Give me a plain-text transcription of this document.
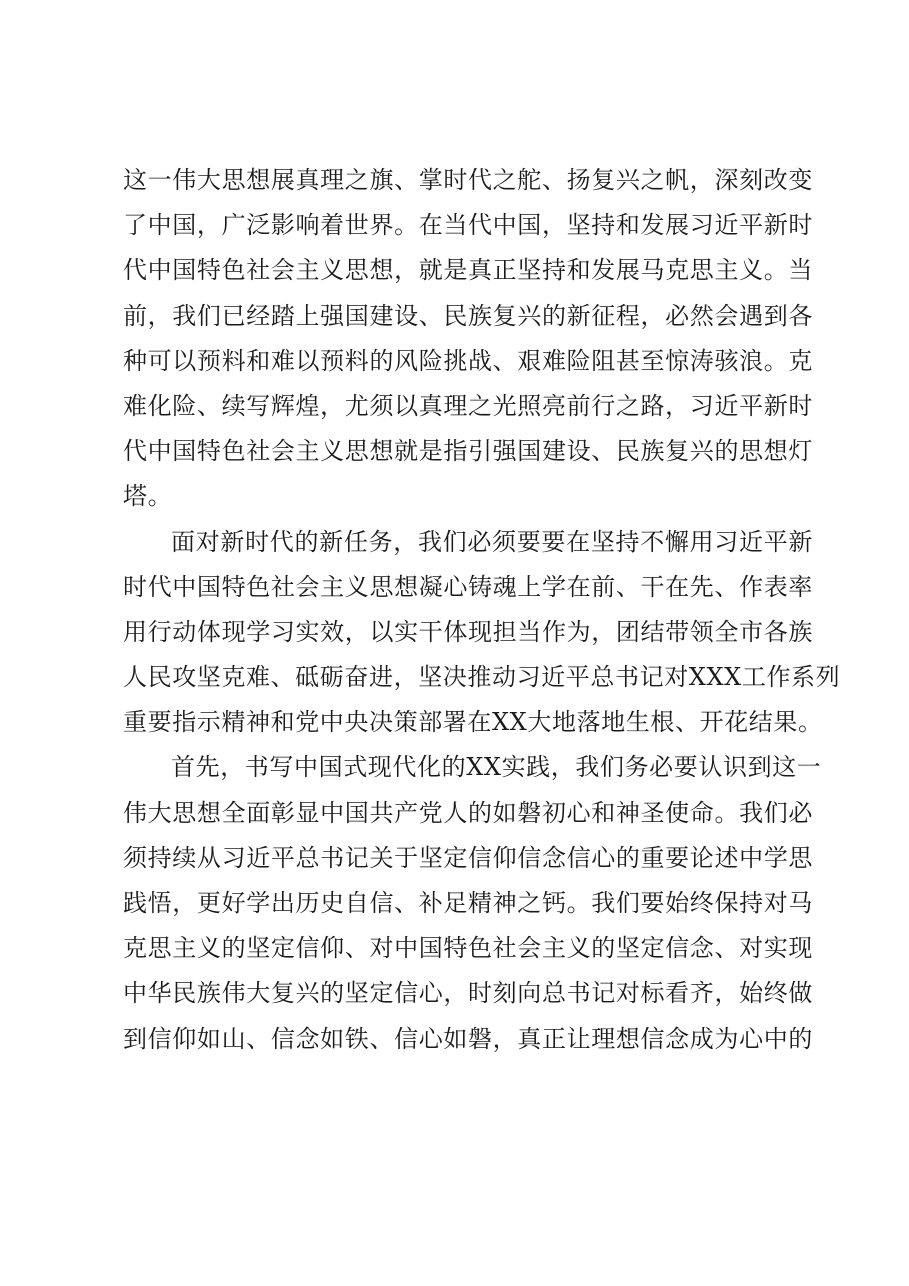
这一伟大思想展真理之旗、掌时代之舵、扬复兴之帆，深刻改变
了中国，广泛影响着世界。在当代中国，坚持和发展习近平新时
代中国特色社会主义思想，就是真正坚持和发展马克思主义。当
前，我们已经踏上强国建设、民族复兴的新征程，必然会遇到各
种可以预料和难以预料的风险挑战、艰难险阻甚至惊涛骇浪。克
难化险、续写辉煌，尤须以真理之光照亮前行之路，习近平新时
代中国特色社会主义思想就是指引强国建设、民族复兴的思想灯
塔。
面对新时代的新任务，我们必须要要在坚持不懈用习近平新
时代中国特色社会主义思想凝心铸魂上学在前、干在先、作表率
用行动体现学习实效，以实干体现担当作为，团结带领全市各族
人民攻坚克难、砥砺奋进，坚决推动习近平总书记对XXX工作系列
重要指示精神和党中央决策部署在XX大地落地生根、开花结果。
首先，书写中国式现代化的XX实践，我们务必要认识到这一
伟大思想全面彰显中国共产党人的如磐初心和神圣使命。我们必
须持续从习近平总书记关于坚定信仰信念信心的重要论述中学思
践悟，更好学出历史自信、补足精神之钙。我们要始终保持对马
克思主义的坚定信仰、对中国特色社会主义的坚定信念、对实现
中华民族伟大复兴的坚定信心，时刻向总书记对标看齐，始终做
到信仰如山、信念如铁、信心如磐，真正让理想信念成为心中的
